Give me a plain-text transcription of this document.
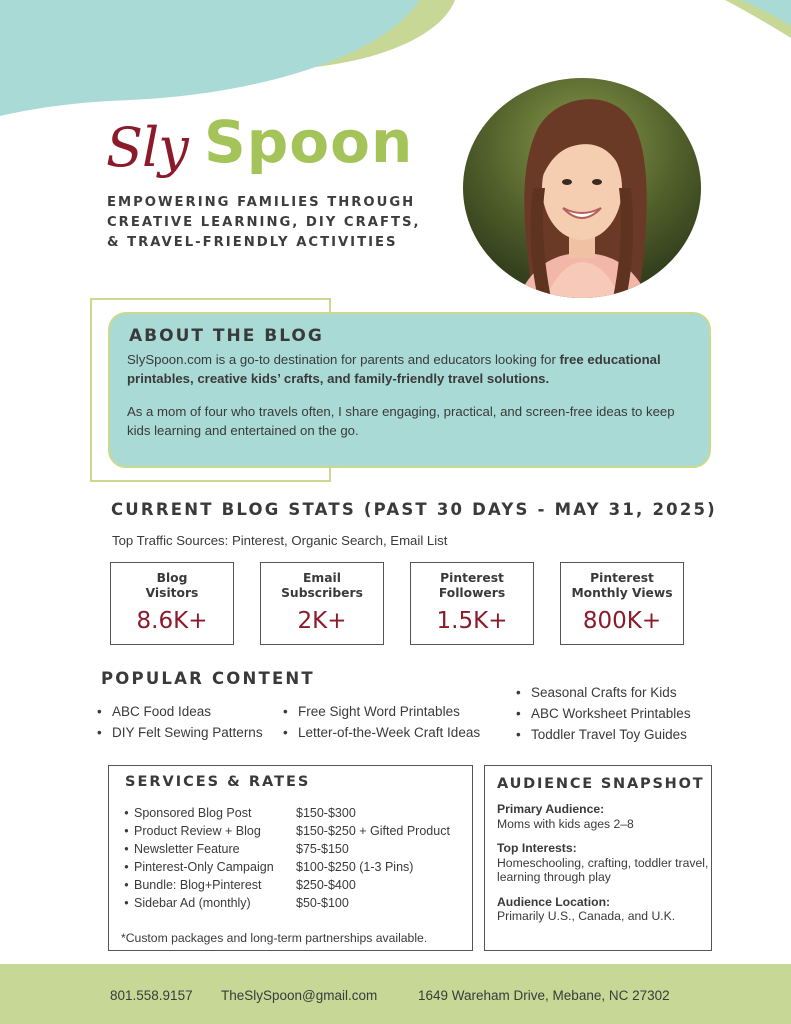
Sly Spoon
EMPOWERING FAMILIES THROUGH CREATIVE LEARNING, DIY CRAFTS, & TRAVEL-FRIENDLY ACTIVITIES
ABOUT THE BLOG

SlySpoon.com is a go-to destination for parents and educators looking for free educational printables, creative kids’ crafts, and family-friendly travel solutions.

As a mom of four who travels often, I share engaging, practical, and screen-free ideas to keep kids learning and entertained on the go.

CURRENT BLOG STATS (PAST 30 DAYS - MAY 31, 2025)
Top Traffic Sources: Pinterest, Organic Search, Email List
Blog Visitors
8.6K+
Email Subscribers
2K+
Pinterest Followers
1.5K+
Pinterest Monthly Views
800K+
POPULAR CONTENT
• ABC Food Ideas
• DIY Felt Sewing Patterns
• Free Sight Word Printables
• Letter-of-the-Week Craft Ideas
• Seasonal Crafts for Kids
• ABC Worksheet Printables
• Toddler Travel Toy Guides
SERVICES & RATES
• Sponsored Blog Post	$150-$300
• Product Review + Blog	$150-$250 + Gifted Product
• Newsletter Feature	$75-$150
• Pinterest-Only Campaign $100-$250 (1-3 Pins)
• Bundle: Blog+Pinterest	$250-$400
• Sidebar Ad (monthly)	$50-$100
*Custom packages and long-term partnerships available.
AUDIENCE SNAPSHOT
Primary Audience:
Moms with kids ages 2–8
Top Interests:
Homeschooling, crafting, toddler travel, learning through play
Audience Location:
Primarily U.S., Canada, and U.K.
801.558.9157 TheSlySpoon@gmail.com	1649 Wareham Drive, Mebane, NC 27302
